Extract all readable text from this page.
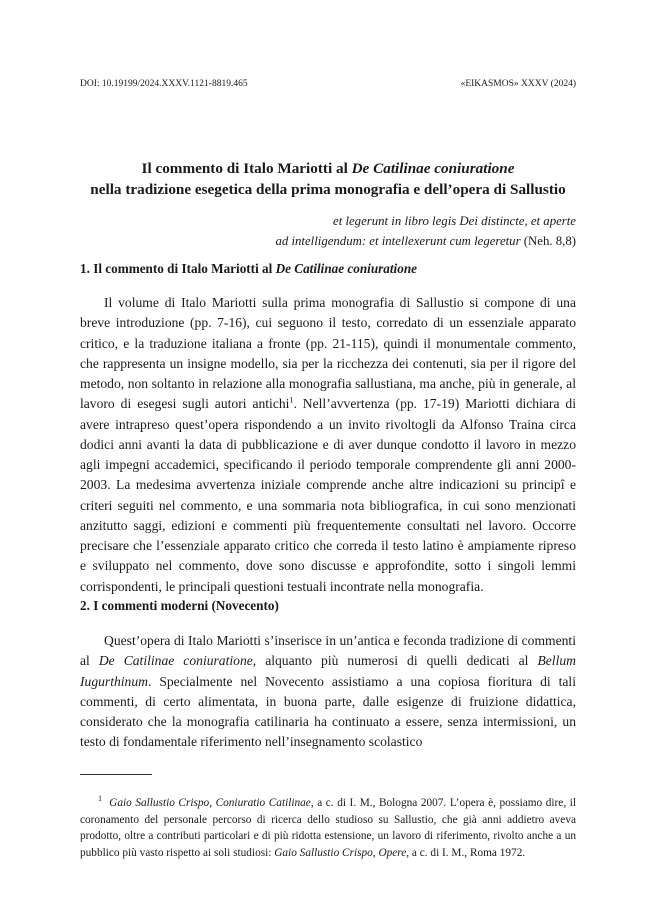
DOI: 10.19199/2024.XXXV.1121-8819.465	«EIKASMOS» XXXV (2024)
Il commento di Italo Mariotti al De Catilinae coniuratione
nella tradizione esegetica della prima monografia e dell’opera di Sallustio
et legerunt in libro legis Dei distincte, et aperte
ad intelligendum: et intellexerunt cum legeretur (Neh. 8,8)
1. Il commento di Italo Mariotti al De Catilinae coniuratione

Il volume di Italo Mariotti sulla prima monografia di Sallustio si compone di una breve introduzione (pp. 7-16), cui seguono il testo, corredato di un essenziale apparato critico, e la traduzione italiana a fronte (pp. 21-115), quindi il monumentale commento, che rappresenta un insigne modello, sia per la ricchezza dei contenuti, sia per il rigore del metodo, non soltanto in relazione alla monografia sallustiana, ma anche, più in generale, al lavoro di esegesi sugli autori antichi$^1$. Nell’avvertenza (pp. 17-19) Mariotti dichiara di avere intrapreso quest’opera rispondendo a un invito rivoltogli da Alfonso Traina circa dodici anni avanti la data di pubblicazione e di aver dunque condotto il lavoro in mezzo agli impegni accademici, specificando il periodo temporale comprendente gli anni 2000-2003. La medesima avvertenza iniziale comprende anche altre indicazioni su principî e criteri seguiti nel commento, e una sommaria nota bibliografica, in cui sono menzionati anzitutto saggi, edizioni e commenti più frequentemente consultati nel lavoro. Occorre precisare che l’essenziale apparato critico che correda il testo latino è ampiamente ripreso e sviluppato nel commento, dove sono discusse e approfondite, sotto i singoli lemmi corrispondenti, le principali questioni testuali incontrate nella monografia.

2. I commenti moderni (Novecento)

Quest’opera di Italo Mariotti s’inserisce in un’antica e feconda tradizione di commenti al De Catilinae coniuratione, alquanto più numerosi di quelli dedicati al Bellum Iugurthinum. Specialmente nel Novecento assistiamo a una copiosa fioritura di tali commenti, di certo alimentata, in buona parte, dalle esigenze di fruizione didattica, considerato che la monografia catilinaria ha continuato a essere, senza intermissioni, un testo di fondamentale riferimento nell’insegnamento scolastico

$^1$ Gaio Sallustio Crispo, Coniuratio Catilinae, a c. di I. M., Bologna 2007. L’opera è, possiamo dire, il coronamento del personale percorso di ricerca dello studioso su Sallustio, che già anni addietro aveva prodotto, oltre a contributi particolari e di più ridotta estensione, un lavoro di riferimento, rivolto anche a un pubblico più vasto rispetto ai soli studiosi: Gaio Sallustio Crispo, Opere, a c. di I. M., Roma 1972.
